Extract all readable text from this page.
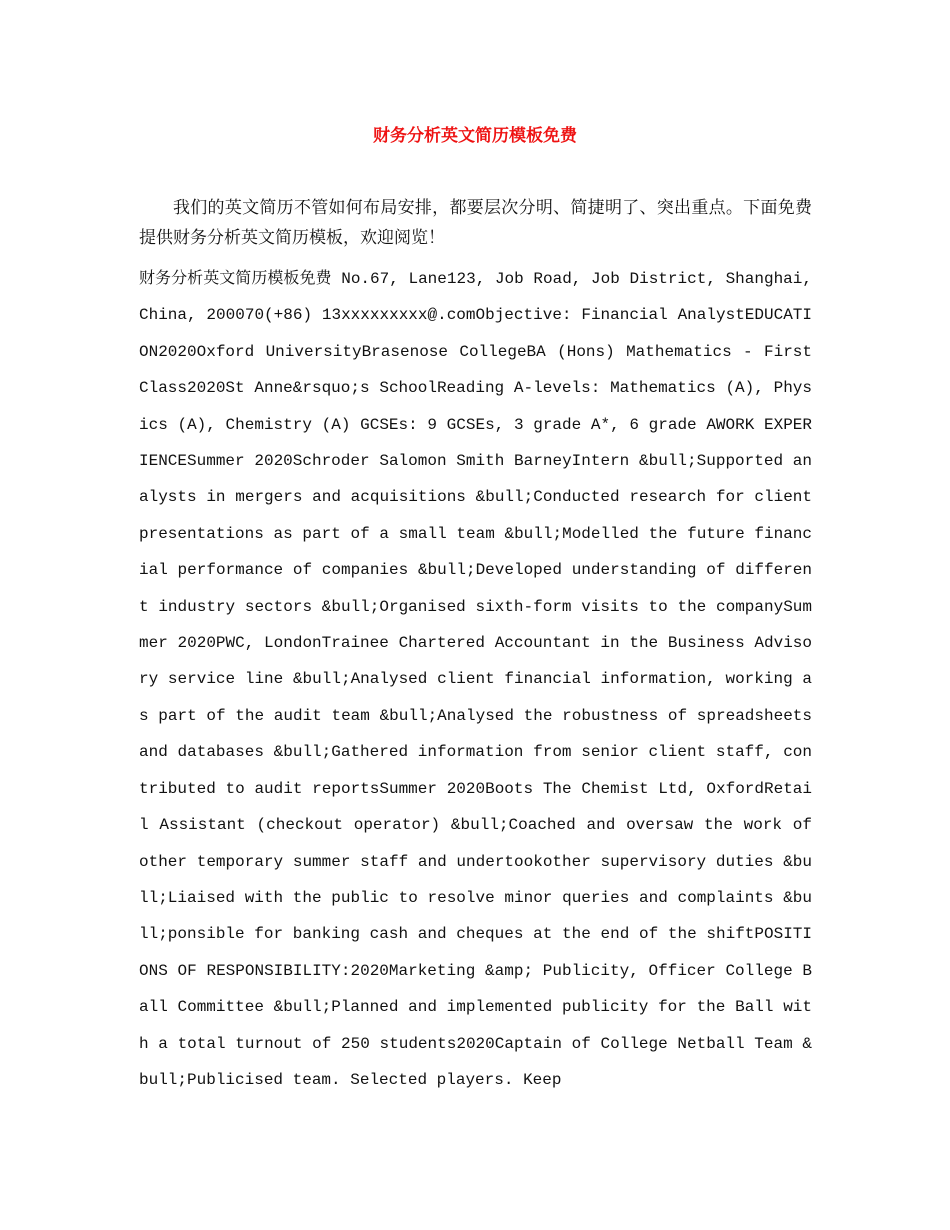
财务分析英文简历模板免费

我们的英文简历不管如何布局安排，都要层次分明、简捷明了、突出重点。下面免费提供财务分析英文简历模板，欢迎阅览！

财务分析英文简历模板免费 No.67, Lane123, Job Road, Job District, Shanghai, China, 200070(+86) 13xxxxxxxxx@.comObjective: Financial AnalystEDUCATION2020Oxford UniversityBrasenose CollegeBA (Hons) Mathematics - First Class2020St Anne&rsquo;s SchoolReading A-levels: Mathematics (A), Physics (A), Chemistry (A) GCSEs: 9 GCSEs, 3 grade A*, 6 grade AWORK EXPERIENCESummer 2020Schroder Salomon Smith BarneyIntern &bull;Supported analysts in mergers and acquisitions &bull;Conducted research for client presentations as part of a small team &bull;Modelled the future financial performance of companies &bull;Developed understanding of different industry sectors &bull;Organised sixth-form visits to the companySummer 2020PWC, LondonTrainee Chartered Accountant in the Business Advisory service line &bull;Analysed client financial information, working as part of the audit team &bull;Analysed the robustness of spreadsheets and databases &bull;Gathered information from senior client staff, contributed to audit reportsSummer 2020Boots The Chemist Ltd, OxfordRetail Assistant (checkout operator) &bull;Coached and oversaw the work of other temporary summer staff and undertookother supervisory duties &bull;Liaised with the public to resolve minor queries and complaints &bull;ponsible for banking cash and cheques at the end of the shiftPOSITIONS OF RESPONSIBILITY:2020Marketing &amp; Publicity, Officer College Ball Committee &bull;Planned and implemented publicity for the Ball with a total turnout of 250 students2020Captain of College Netball Team &bull;Publicised team. Selected players. Keep
